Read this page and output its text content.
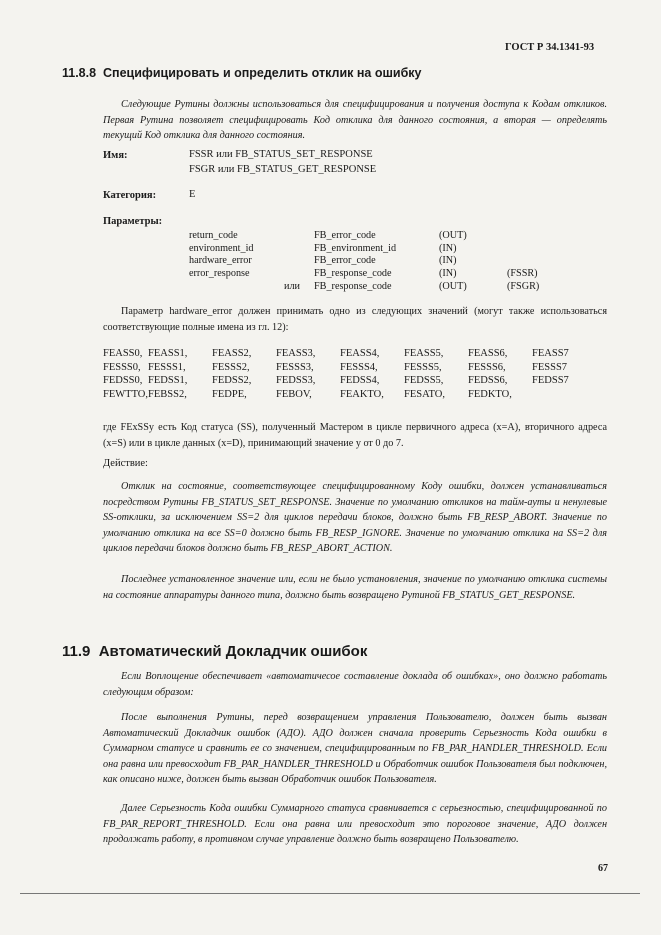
ГОСТ Р 34.1341-93
11.8.8 Специфицировать и определить отклик на ошибку
Следующие Рутины должны использоваться для специфицирования и получения доступа к Кодам откликов. Первая Рутина позволяет специфицировать Код отклика для данного состояния, а вторая — определять текущий Код отклика для данного состояния.
Имя:	FSSR или FB_STATUS_SET_RESPONSE
FSGR или FB_STATUS_GET_RESPONSE
Категория:	E
Параметры:
return_code		FB_error_code	(OUT)	
environment_id		FB_environment_id	(IN)	
hardware_error		FB_error_code	(IN)	
error_response		FB_response_code	(IN)	(FSSR)
	или	FB_response_code	(OUT)	(FSGR)
Параметр hardware_error должен принимать одно из следующих значений (могут также использоваться соответствующие полные имена из гл. 12):
FEASS0,	FEASS1,	FEASS2,	FEASS3,	FEASS4,	FEASS5,	FEASS6,	FEASS7
FESSS0,	FESSS1,	FESSS2,	FESSS3,	FESSS4,	FESSS5,	FESSS6,	FESSS7
FEDSS0,	FEDSS1,	FEDSS2,	FEDSS3,	FEDSS4,	FEDSS5,	FEDSS6,	FEDSS7
FEWTTO,	FEBSS2,	FEDPE,	FEBOV,	FEAKTO,	FESATO,	FEDKTO,	
где FExSSy есть Код статуса (SS), полученный Мастером в цикле первичного адреса (x=A), вторичного адреса (x=S) или в цикле данных (x=D), принимающий значение y от 0 до 7.
Действие:
Отклик на состояние, соответствующее специфицированному Коду ошибки, должен устанавливаться посредством Рутины FB_STATUS_SET_RESPONSE. Значение по умолчанию откликов на тайм-ауты и ненулевые SS-отклики, за исключением SS=2 для циклов передачи блоков, должно быть FB_RESP_ABORT. Значение по умолчанию отклика на все SS=0 должно быть FB_RESP_IGNORE. Значение по умолчанию отклика на SS=2 для циклов передачи блоков должно быть FB_RESP_ABORT_ACTION.
Последнее установленное значение или, если не было установления, значение по умолчанию отклика системы на состояние аппаратуры данного типа, должно быть возвращено Рутиной FB_STATUS_GET_RESPONSE.
11.9 Автоматический Докладчик ошибок
Если Воплощение обеспечивает «автоматичесое составление доклада об ошибках», оно должно работать следующим образом:
После выполнения Рутины, перед возвращением управления Пользователю, должен быть вызван Автоматический Докладчик ошибок (АДО). АДО должен сначала проверить Серьезность Кода ошибки в Суммарном статусе и сравнить ее со значением, специфицированным по FB_PAR_HANDLER_THRESHOLD. Если она равна или превосходит FB_PAR_HANDLER_THRESHOLD и Обработчик ошибок Пользователя был подключен, как описано ниже, должен быть вызван Обработчик ошибок Пользователя.
Далее Серьезность Кода ошибки Суммарного статуса сравнивается с серьезностью, специфицированной по FB_PAR_REPORT_THRESHOLD. Если она равна или превосходит это пороговое значение, АДО должен продолжать работу, в противном случае управление должно быть возвращено Пользователю.
67
